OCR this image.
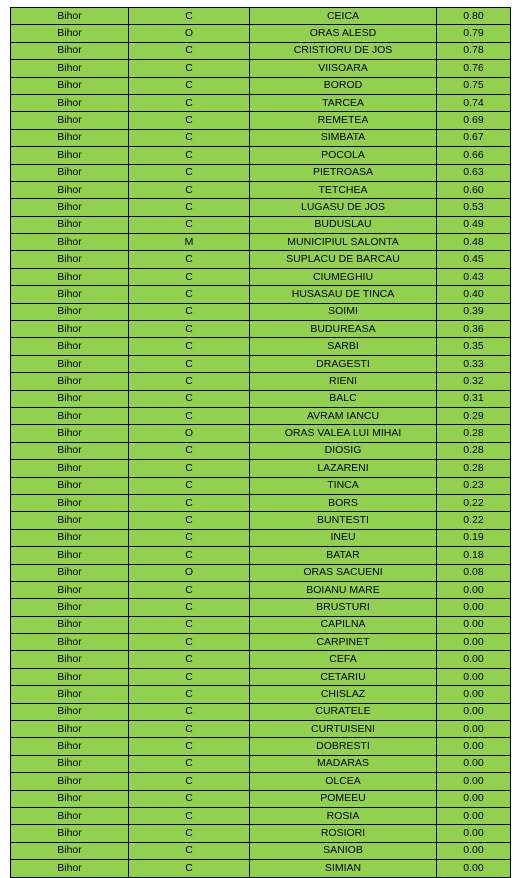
Bihor	C	CEICA	0.80
Bihor	O	ORAS ALESD	0.79
Bihor	C	CRISTIORU DE JOS	0.78
Bihor	C	VIISOARA	0.76
Bihor	C	BOROD	0.75
Bihor	C	TARCEA	0.74
Bihor	C	REMETEA	0.69
Bihor	C	SIMBATA	0.67
Bihor	C	POCOLA	0.66
Bihor	C	PIETROASA	0.63
Bihor	C	TETCHEA	0.60
Bihor	C	LUGASU DE JOS	0.53
Bihor	C	BUDUSLAU	0.49
Bihor	M	MUNICIPIUL SALONTA	0.48
Bihor	C	SUPLACU DE BARCAU	0.45
Bihor	C	CIUMEGHIU	0.43
Bihor	C	HUSASAU DE TINCA	0.40
Bihor	C	SOIMI	0.39
Bihor	C	BUDUREASA	0.36
Bihor	C	SARBI	0.35
Bihor	C	DRAGESTI	0.33
Bihor	C	RIENI	0.32
Bihor	C	BALC	0.31
Bihor	C	AVRAM IANCU	0.29
Bihor	O	ORAS VALEA LUI MIHAI	0.28
Bihor	C	DIOSIG	0.28
Bihor	C	LAZARENI	0.28
Bihor	C	TINCA	0.23
Bihor	C	BORS	0.22
Bihor	C	BUNTESTI	0.22
Bihor	C	INEU	0.19
Bihor	C	BATAR	0.18
Bihor	O	ORAS SACUENI	0.08
Bihor	C	BOIANU MARE	0.00
Bihor	C	BRUSTURI	0.00
Bihor	C	CAPILNA	0.00
Bihor	C	CARPINET	0.00
Bihor	C	CEFA	0.00
Bihor	C	CETARIU	0.00
Bihor	C	CHISLAZ	0.00
Bihor	C	CURATELE	0.00
Bihor	C	CURTUISENI	0.00
Bihor	C	DOBRESTI	0.00
Bihor	C	MADARAS	0.00
Bihor	C	OLCEA	0.00
Bihor	C	POMEEU	0.00
Bihor	C	ROSIA	0.00
Bihor	C	ROSIORI	0.00
Bihor	C	SANIOB	0.00
Bihor	C	SIMIAN	0.00
